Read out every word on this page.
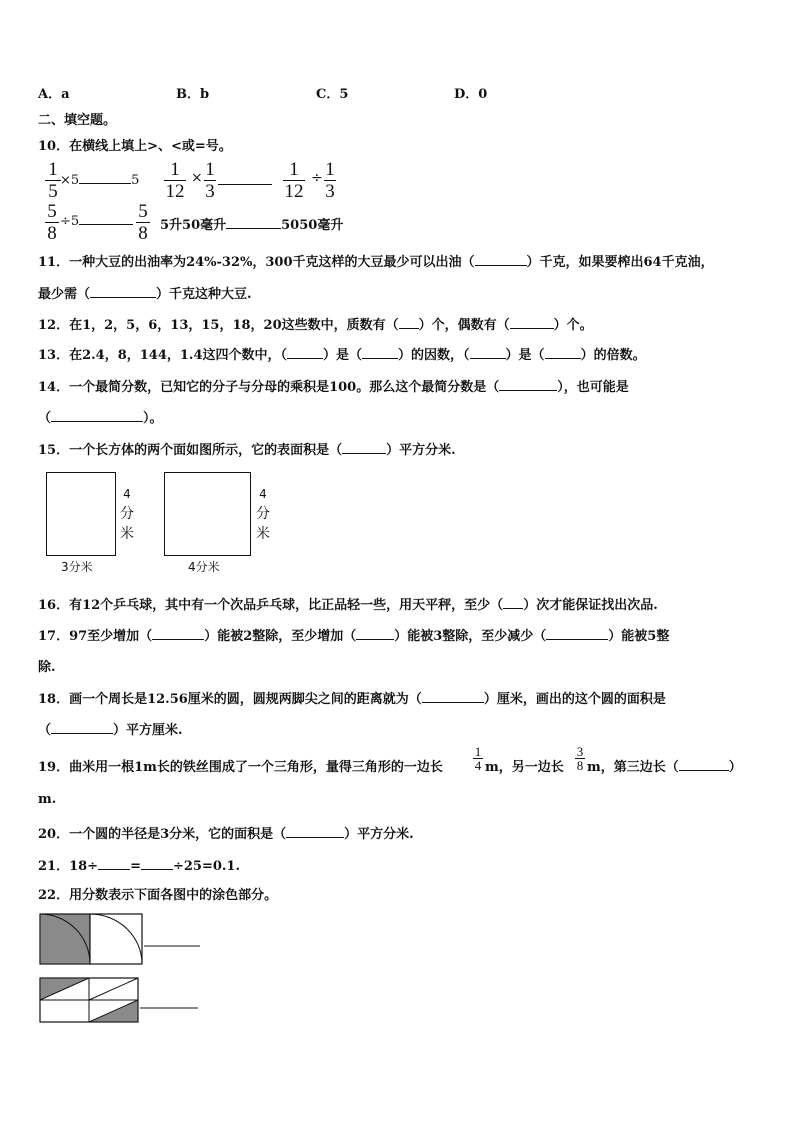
A．a	B．b	C．5	D．0
二、填空题。
10．在横线上填上>、<或=号。
1
5
×5	5
1
12
× 1
3
1
12
÷ 1
3
5
8
÷5	5
8 5升50毫升	5050毫升
11．一种大豆的出油率为24%-32%，300千克这样的大豆最少可以出油（	）千克，如果要榨出64千克油，
最少需（	）千克这种大豆.
12．在1，2，5，6，13，15，18，20这些数中，质数有（ ）个，偶数有（	）个。
13．在2.4，8，144，1.4这四个数中，（	）是（	）的因数，（	）是（	）的倍数。
14．一个最简分数，已知它的分子与分母的乘积是100。那么这个最简分数是（	），也可能是
（	）。
15．一个长方体的两个面如图所示，它的表面积是（	）平方分米.
4
分
米
3分米
4
分
米
4分米
16．有12个乒乓球，其中有一个次品乒乓球，比正品轻一些，用天平秤，至少（ ）次才能保证找出次品.
17．97至少增加（	）能被2整除，至少增加（	）能被3整除，至少减少（	）能被5整
除.
18．画一个周长是12.56厘米的圆，圆规两脚尖之间的距离就为（	）厘米，画出的这个圆的面积是
（	）平方厘米.
19．曲米用一根1m长的铁丝围成了一个三角形，量得三角形的一边长
1
4 m，另一边长
3
8 m，第三边长（	）
m.
20．一个圆的半径是3分米，它的面积是（	）平方分米.
21．18÷ = ÷25=0.1.
22．用分数表示下面各图中的涂色部分。
